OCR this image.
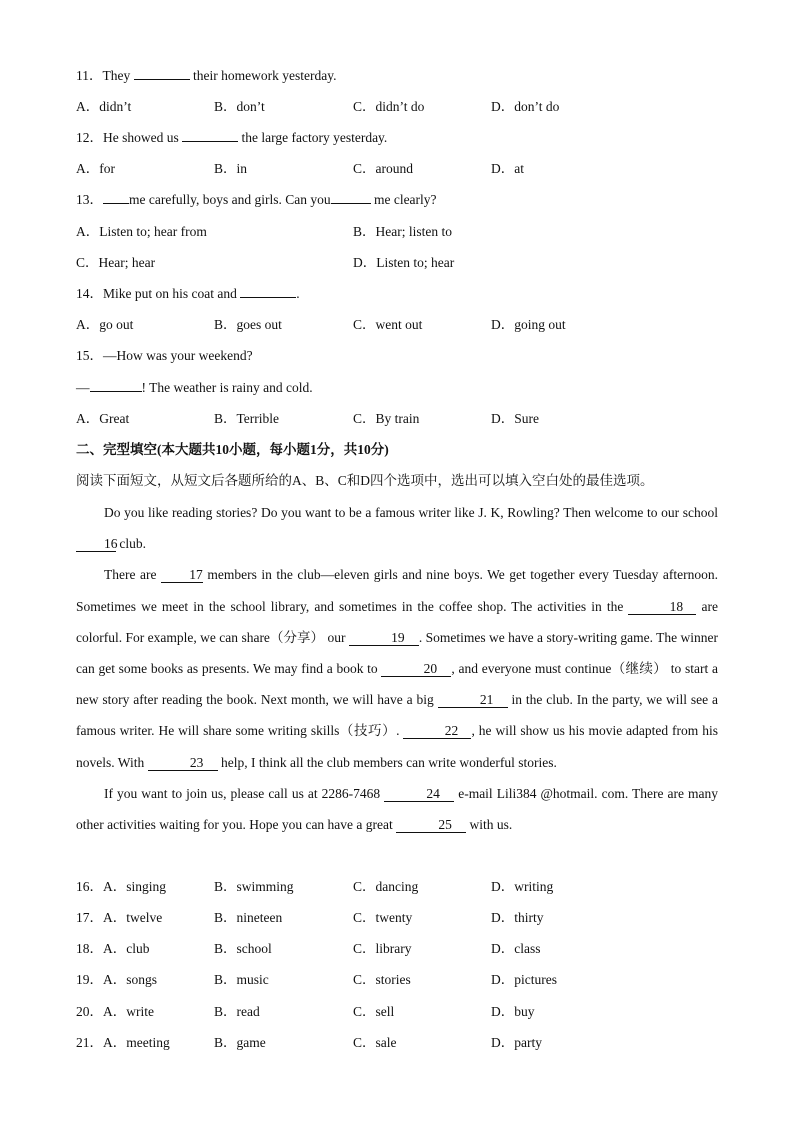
11．They	their homework yesterday.
A．didn’t	B．don’t	C．didn’t do	D．don’t do
12．He showed us	the large factory yesterday.
A．for	B．in	C．around	D．at
13． me carefully, boys and girls. Can you	me clearly?
A．Listen to; hear from	B．Hear; listen to
C．Hear; hear	D．Listen to; hear
14．Mike put on his coat and	.
A．go out	B．goes out	C．went out	D．going out
15．—How was your weekend?
—	! The weather is rainy and cold.
A．Great	B．Terrible	C．By train	D．Sure
二、完型填空(本大题共10小题，每小题1分，共10分)
阅读下面短文，从短文后各题所给的A、B、C和D四个选项中，选出可以填入空白处的最佳选项。

Do you like reading stories? Do you want to be a famous writer like J. K, Rowling? Then welcome to our school 16 club.

There are 17 members in the club—eleven girls and nine boys. We get together every Tuesday afternoon. Sometimes we meet in the school library, and sometimes in the coffee shop. The activities in the	18 are colorful. For example, we can share（分享） our	19 . Sometimes we have a story-writing game. The winner can get some books as presents. We may find a book to	20 , and everyone must continue（继续） to start a new story after reading the book. Next month, we will have a big	21 in the club. In the party, we will see a famous writer. He will share some writing skills（技巧）.	22 , he will show us his movie adapted from his novels. With	23 help, I think all the club members can write wonderful stories.

If you want to join us, please call us at 2286-7468	24 e-mail Lili384 @hotmail. com. There are many other activities waiting for you. Hope you can have a great	25 with us.

16．A．singing	B．swimming	C．dancing	D．writing
17．A．twelve	B．nineteen	C．twenty	D．thirty
18．A．club	B．school	C．library	D．class
19．A．songs	B．music	C．stories	D．pictures
20．A．write	B．read	C．sell	D．buy
21．A．meeting	B．game	C．sale	D．party
